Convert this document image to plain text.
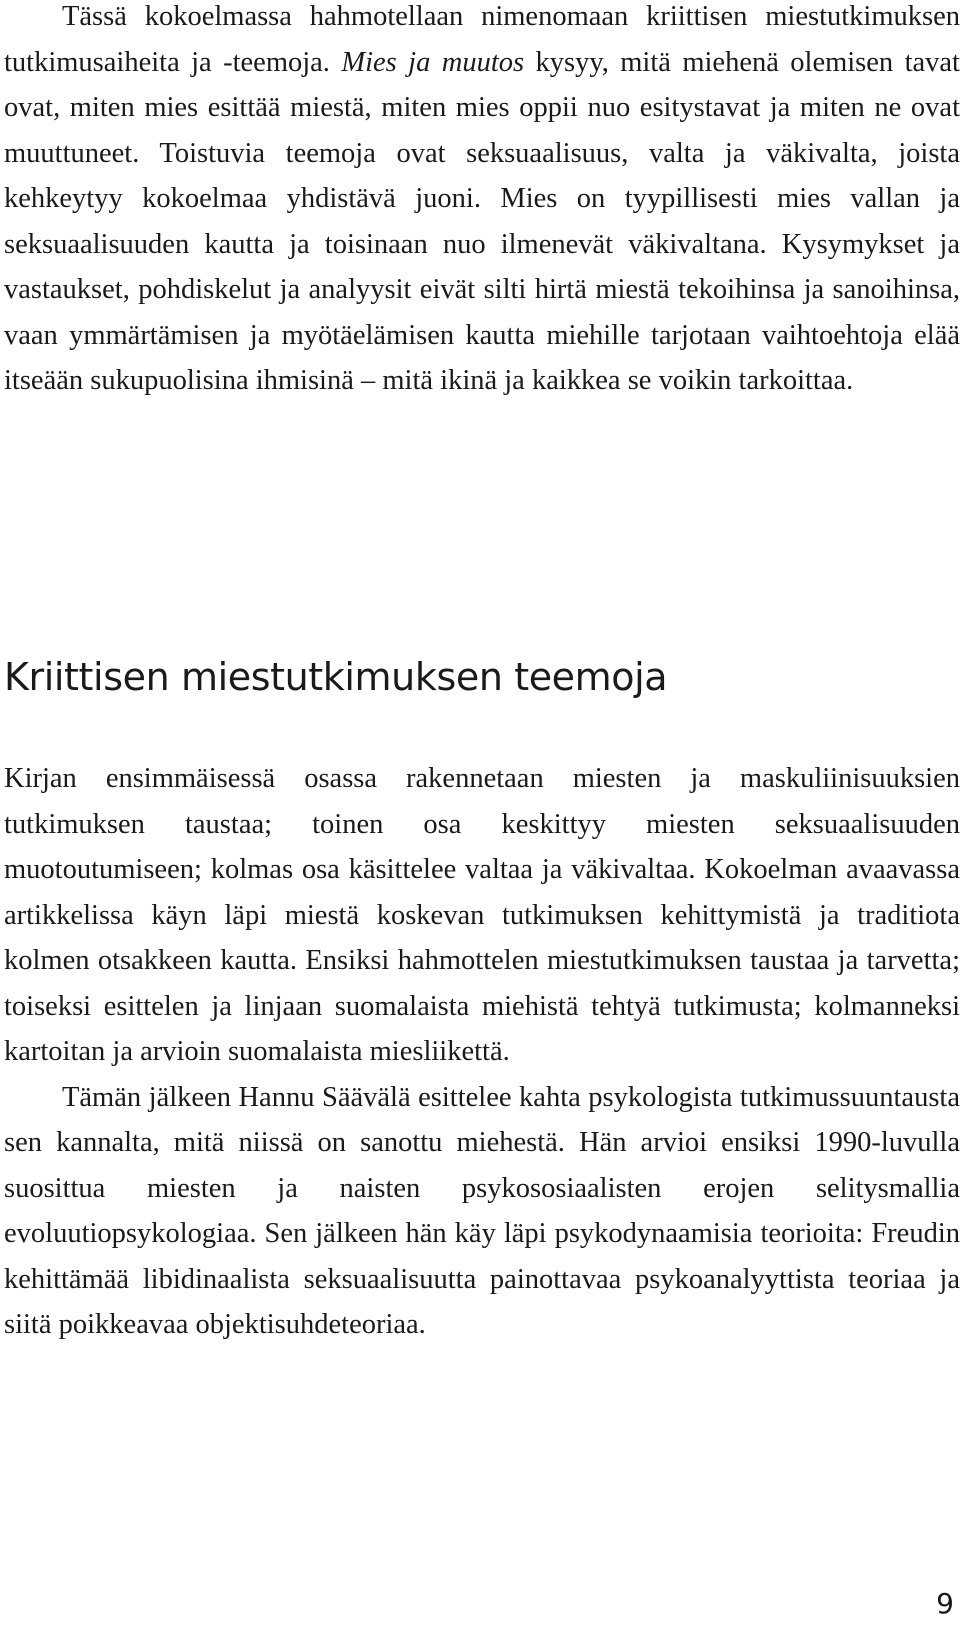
Tässä kokoelmassa hahmotellaan nimenomaan kriittisen miestutkimuksen tutkimusaiheita ja -teemoja. Mies ja muutos kysyy, mitä miehenä olemisen tavat ovat, miten mies esittää miestä, miten mies oppii nuo esitystavat ja miten ne ovat muuttuneet. Toistuvia teemoja ovat seksuaalisuus, valta ja väkivalta, joista kehkeytyy kokoelmaa yhdistävä juoni. Mies on tyypillisesti mies vallan ja seksuaalisuuden kautta ja toisinaan nuo ilmenevät väkivaltana. Kysymykset ja vastaukset, pohdiskelut ja analyysit eivät silti hirtä miestä tekoihinsa ja sanoihinsa, vaan ymmärtämisen ja myötäelämisen kautta miehille tarjotaan vaihtoehtoja elää itseään sukupuolisina ihmisinä – mitä ikinä ja kaikkea se voikin tarkoittaa.

Kriittisen miestutkimuksen teemoja

Kirjan ensimmäisessä osassa rakennetaan miesten ja maskuliinisuuksien tutkimuksen taustaa; toinen osa keskittyy miesten seksuaalisuuden muotoutumiseen; kolmas osa käsittelee valtaa ja väkivaltaa. Kokoelman avaavassa artikkelissa käyn läpi miestä koskevan tutkimuksen kehittymistä ja traditiota kolmen otsakkeen kautta. Ensiksi hahmottelen miestutkimuksen taustaa ja tarvetta; toiseksi esittelen ja linjaan suomalaista miehistä tehtyä tutkimusta; kolmanneksi kartoitan ja arvioin suomalaista miesliikettä.

Tämän jälkeen Hannu Säävälä esittelee kahta psykologista tutkimussuuntausta sen kannalta, mitä niissä on sanottu miehestä. Hän arvioi ensiksi 1990-luvulla suosittua miesten ja naisten psykososiaalisten erojen selitysmallia evoluutiopsykologiaa. Sen jälkeen hän käy läpi psykodynaamisia teorioita: Freudin kehittämää libidinaalista seksuaalisuutta painottavaa psykoanalyyttista teoriaa ja siitä poikkeavaa objektisuhdeteoriaa.

9
